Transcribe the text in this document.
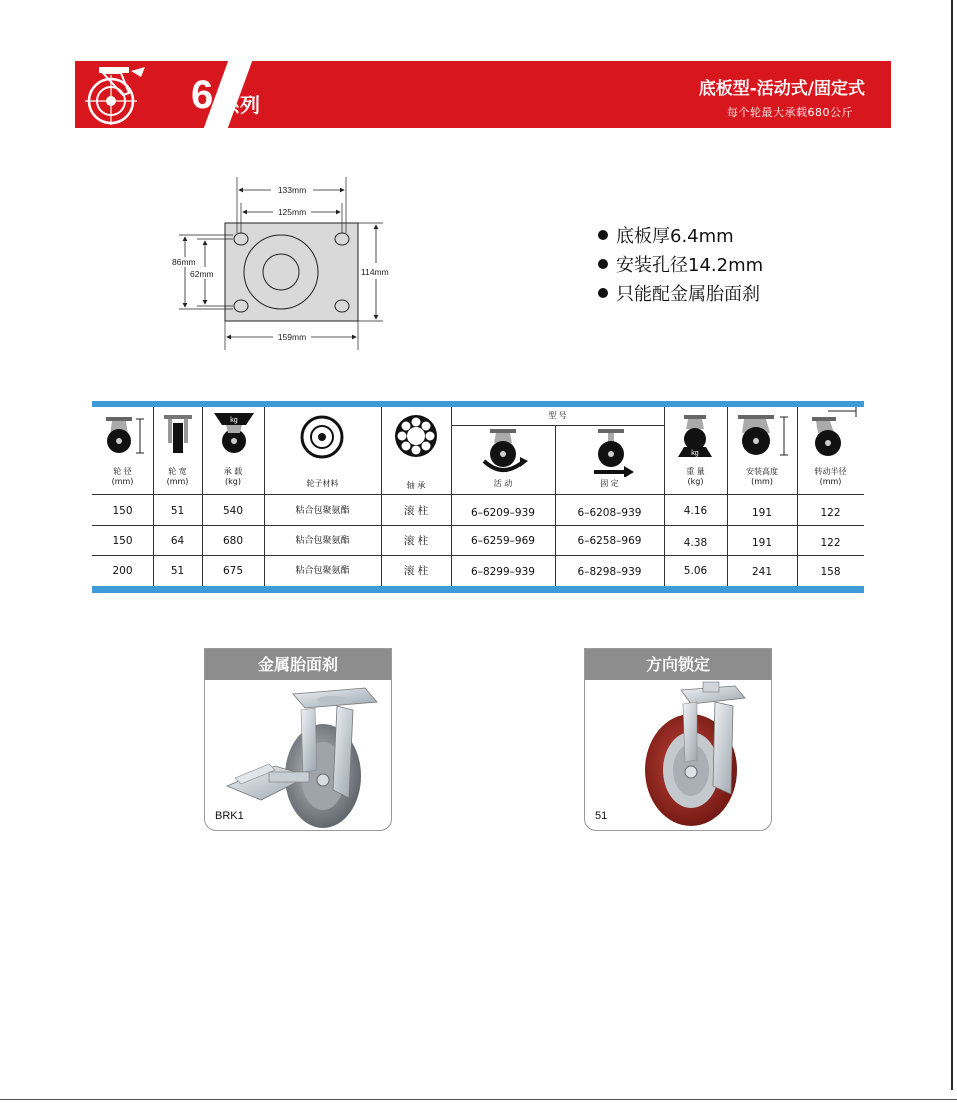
6 系列
底板型-活动式/固定式
每个轮最大承载680公斤
133mm
125mm
86mm
62mm	114mm
159mm
底板厚6.4mm
安装孔径14.2mm
只能配金属胎面刹
kg
kg
轮 径
(mm)
轮 宽
(mm)
承 载
(kg)	轮子材料	轴 承
型 号
活 动	固 定
重 量
(kg)
安装高度
(mm)
转动半径
(mm)
150	51	540	粘合包聚氨酯	滚 柱	6–6209–939	6–6208–939	4.16	191	122
150	64	680	粘合包聚氨酯	滚 柱	6–6259–969	6–6258–969	4.38	191	122
200	51	675	粘合包聚氨酯	滚 柱	6–8299–939	6–8298–939	5.06	241	158
金属胎面刹
BRK1
方向锁定
51
